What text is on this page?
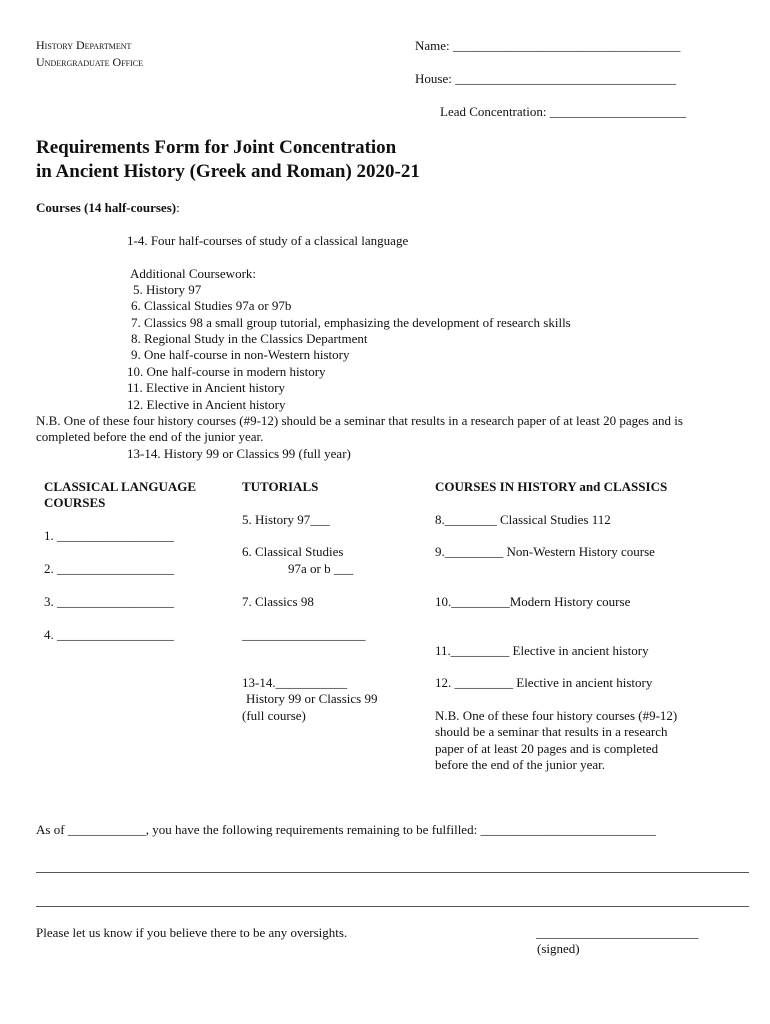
History Department
Undergraduate Office
Name: ___________________________________
House: __________________________________
Lead Concentration: _____________________
Requirements Form for Joint Concentration
in Ancient History (Greek and Roman) 2020-21
Courses (14 half-courses):
1-4. Four half-courses of study of a classical language
Additional Coursework:
5. History 97
6. Classical Studies 97a or 97b
7. Classics 98 a small group tutorial, emphasizing the development of research skills
8. Regional Study in the Classics Department
9. One half-course in non-Western history
10. One half-course in modern history
11. Elective in Ancient history
12. Elective in Ancient history
N.B. One of these four history courses (#9-12) should be a seminar that results in a research paper of at least 20 pages and is
completed before the end of the junior year.
13-14. History 99 or Classics 99 (full year)
CLASSICAL LANGUAGE
COURSES
TUTORIALS	COURSES IN HISTORY and CLASSICS
1. __________________
2. __________________
3. __________________
4. __________________
5. History 97___
6. Classical Studies
97a or b ___
7. Classics 98
___________________
13-14.___________
History 99 or Classics 99
(full course)
8.________ Classical Studies 112
9._________ Non-Western History course
10._________Modern History course
11._________ Elective in ancient history
12. _________ Elective in ancient history
N.B. One of these four history courses (#9-12)
should be a seminar that results in a research
paper of at least 20 pages and is completed
before the end of the junior year.
As of ____________, you have the following requirements remaining to be fulfilled: ___________________________
Please let us know if you believe there to be any oversights.	_________________________
(signed)
